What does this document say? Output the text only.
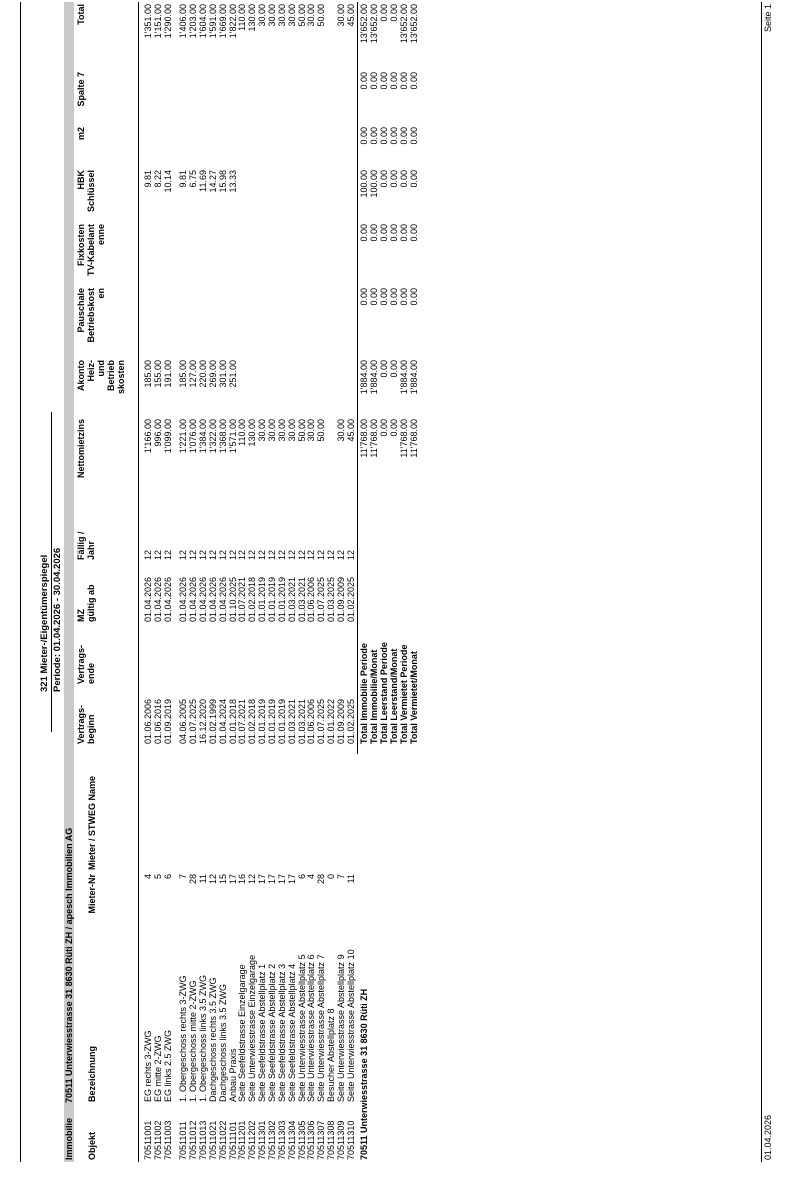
321 Mieter-/Eigentümerspiegel Periode: 01.04.2026 - 30.04.2026
Immobilie
70511 Unterwiesstrasse 31 8630 Rüti ZH / apesch Immobilien AG
Objekt
Bezeichnung
Mieter-Nr
Mieter / STWEG Name
Vertrags-
beginn
Vertrags-
ende
MZ
gültig ab
Fällig /
Jahr
Nettomietzins
Akonto
Heiz-
und
Betrieb
skosten
Pauschale
Betriebskost
en
Fixkosten
TV-Kabelant
enne
HBK
Schlüssel
m2
Spalte 7
Total
70511001
EG rechts 3-ZWG
4
01.06.2006
01.04.2026
12
1'166.00
185.00
9.81
1'351.00
70511002
EG mitte 2-ZWG
5
01.06.2016
01.04.2026
12
996.00
155.00
8.22
1'151.00
70511003
EG links 2.5 ZWG
6
01.09.2019
01.04.2026
12
1'099.00
191.00
10.14
1'290.00
70511011
1. Obergeschoss rechts 3-ZWG
7
04.06.2005
01.04.2026
12
1'221.00
185.00
9.81
1'406.00
70511012
1. Obergeschoss mitte 2-ZWG
28
01.07.2025
01.04.2026
12
1'076.00
127.00
6.75
1'203.00
70511013
1. Obergeschoss links 3.5 ZWG
11
16.12.2020
01.04.2026
12
1'384.00
220.00
11.69
1'604.00
70511021
Dachgeschoss rechts 3.5 ZWG
12
01.02.1999
01.04.2026
12
1'322.00
269.00
14.27
1'591.00
70511022
Dachgeschoss links 3.5 ZWG
15
01.04.2024
01.04.2026
12
1'368.00
301.00
15.98
1'669.00
70511101
Anbau Praxis
17
01.01.2018
01.10.2025
12
1'571.00
251.00
13.33
1'822.00
70511201
Seite Seefeldstrasse Einzelgarage
16
01.07.2021
01.07.2021
12
110.00
110.00
70511202
Seite Unterwiesstrasse Einzelgarage
12
01.02.2018
01.02.2018
12
130.00
130.00
70511301
Seite Seefeldstrasse Abstellplatz 1
17
01.01.2019
01.01.2019
12
30.00
30.00
70511302
Seite Seefeldstrasse Abstellplatz 2
17
01.01.2019
01.01.2019
12
30.00
30.00
70511303
Seite Seefeldstrasse Abstellplatz 3
17
01.01.2019
01.01.2019
12
30.00
30.00
70511304
Seite Seefeldstrasse Abstellplatz 4
17
01.03.2021
01.03.2021
12
30.00
30.00
70511305
Seite Unterwiesstrasse Abstellplatz 5
6
01.03.2021
01.03.2021
12
50.00
50.00
70511306
Seite Unterwiesstrasse Abstellplatz 6
4
01.06.2006
01.06.2006
12
30.00
30.00
70511307
Seite Unterwiesstrasse Abstellplatz 7
28
01.07.2025
01.07.2025
12
50.00
50.00
70511308
Besucher Abstellplatz 8
0
01.01.2022
01.03.2025
12
70511309
Seite Unterwiesstrasse Abstellplatz 9
7
01.09.2009
01.09.2009
12
30.00
30.00
70511310
Seite Unterwiesstrasse Abstellplatz 10
11
01.02.2025
01.02.2025
12
45.00
45.00
70511 Unterwiesstrasse 31 8630 Rüti ZH
Total Immobilie Periode
11'768.00
1'884.00
0.00
0.00
100.00
0.00
0.00
13'652.00
Total Immobilie/Monat
11'768.00
1'884.00
0.00
0.00
100.00
0.00
0.00
13'652.00
Total Leerstand Periode
0.00
0.00
0.00
0.00
0.00
0.00
0.00
0.00
Total Leerstand/Monat
0.00
0.00
0.00
0.00
0.00
0.00
0.00
0.00
Total Vermietet Periode
11'768.00
1'884.00
0.00
0.00
0.00
0.00
0.00
13'652.00
Total Vermietet/Monat
11'768.00
1'884.00
0.00
0.00
0.00
0.00
0.00
13'652.00
01.04.2026
Seite 1
